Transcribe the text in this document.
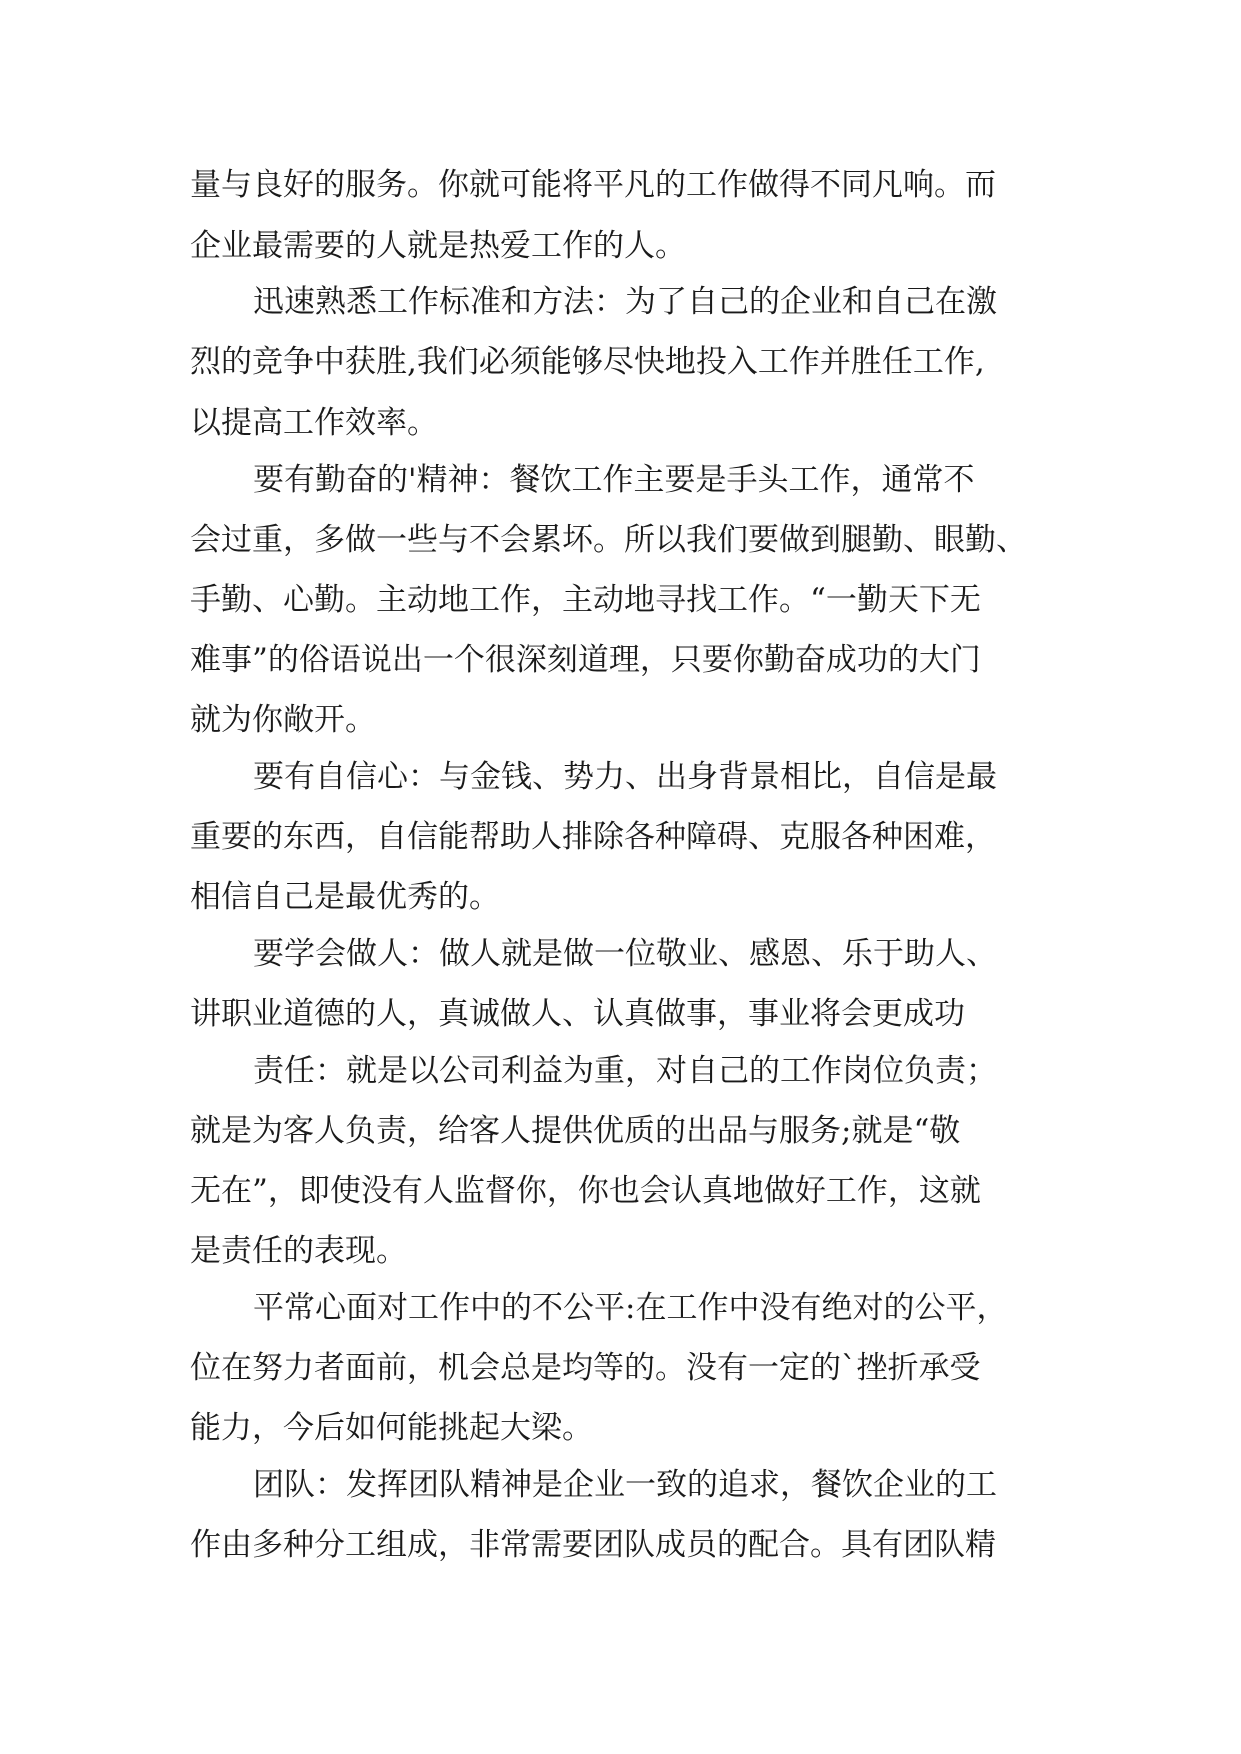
量与良好的服务。你就可能将平凡的工作做得不同凡响。而
企业最需要的人就是热爱工作的人。
迅速熟悉工作标准和方法：为了自己的企业和自己在激
烈的竞争中获胜,我们必须能够尽快地投入工作并胜任工作,
以提高工作效率。
要有勤奋的'精神：餐饮工作主要是手头工作，通常不
会过重，多做一些与不会累坏。所以我们要做到腿勤、眼勤、
手勤、心勤。主动地工作，主动地寻找工作。“一勤天下无
难事”的俗语说出一个很深刻道理，只要你勤奋成功的大门
就为你敞开。
要有自信心：与金钱、势力、出身背景相比，自信是最
重要的东西，自信能帮助人排除各种障碍、克服各种困难，
相信自己是最优秀的。
要学会做人：做人就是做一位敬业、感恩、乐于助人、
讲职业道德的人，真诚做人、认真做事，事业将会更成功
责任：就是以公司利益为重，对自己的工作岗位负责；
就是为客人负责，给客人提供优质的出品与服务;就是“敬
无在”，即使没有人监督你，你也会认真地做好工作，这就
是责任的表现。
平常心面对工作中的不公平:在工作中没有绝对的公平，
位在努力者面前，机会总是均等的。没有一定的`挫折承受
能力，今后如何能挑起大梁。
团队：发挥团队精神是企业一致的追求，餐饮企业的工
作由多种分工组成，非常需要团队成员的配合。具有团队精
